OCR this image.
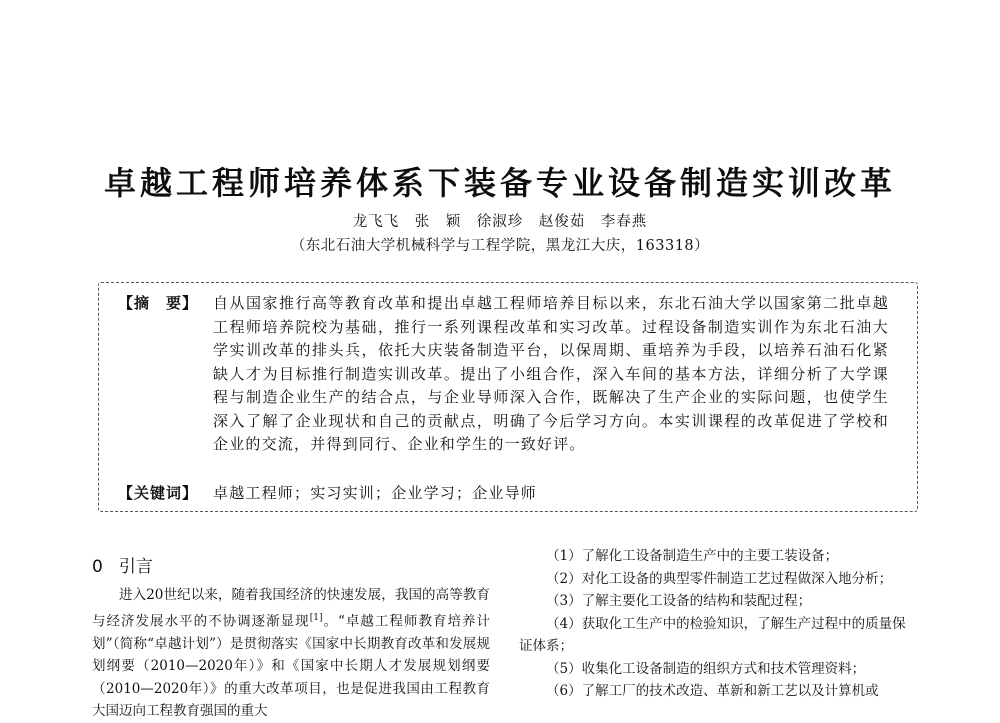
卓越工程师培养体系下装备专业设备制造实训改革
龙飞飞　张　颖　徐淑珍　赵俊茹　李春燕
（东北石油大学机械科学与工程学院，黑龙江大庆，163318）
【摘　要】 自从国家推行高等教育改革和提出卓越工程师培养目标以来，东北石油大学以国家第二批卓越工程师培养院校为基础，推行一系列课程改革和实习改革。过程设备制造实训作为东北石油大学实训改革的排头兵，依托大庆装备制造平台，以保周期、重培养为手段，以培养石油石化紧缺人才为目标推行制造实训改革。提出了小组合作，深入车间的基本方法，详细分析了大学课程与制造企业生产的结合点，与企业导师深入合作，既解决了生产企业的实际问题，也使学生深入了解了企业现状和自己的贡献点，明确了今后学习方向。本实训课程的改革促进了学校和企业的交流，并得到同行、企业和学生的一致好评。
【关键词】 卓越工程师；实习实训；企业学习；企业导师
0 引言

进入20世纪以来，随着我国经济的快速发展，我国的高等教育与经济发展水平的不协调逐渐显现[1]。“卓越工程师教育培养计划”（简称“卓越计划”）是贯彻落实《国家中长期教育改革和发展规划纲要（2010—2020年）》和《国家中长期人才发展规划纲要（2010—2020年）》的重大改革项目，也是促进我国由工程教育大国迈向工程教育强国的重大

（1）了解化工设备制造生产中的主要工装设备；
（2）对化工设备的典型零件制造工艺过程做深入地分析；
（3）了解主要化工设备的结构和装配过程；
（4）获取化工生产中的检验知识，了解生产过程中的质量保证体系；
（5）收集化工设备制造的组织方式和技术管理资料；
（6）了解工厂的技术改造、革新和新工艺以及计算机或
